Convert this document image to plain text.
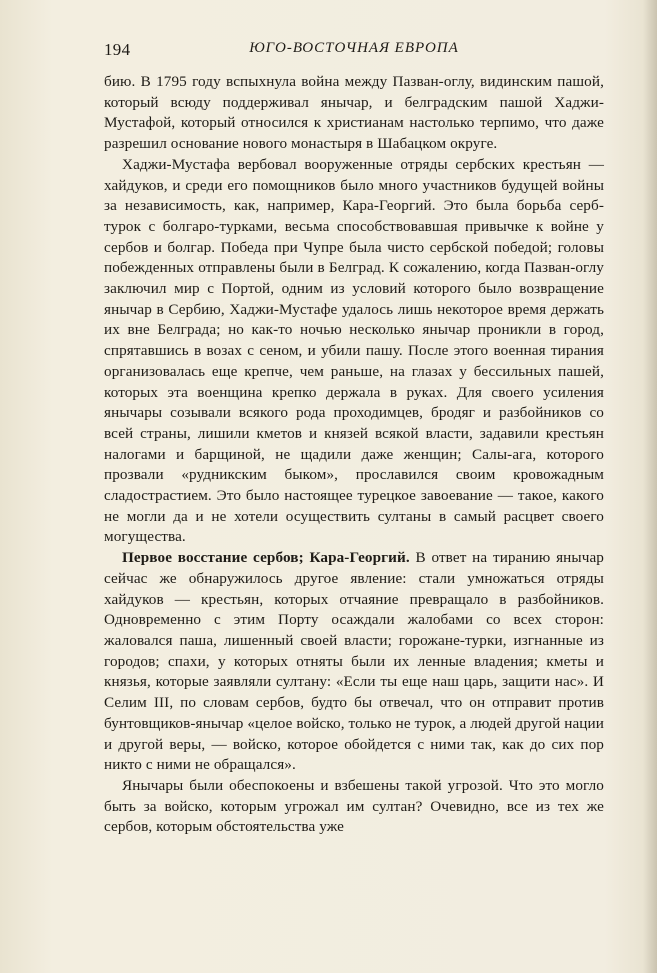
194	ЮГО-ВОСТОЧНАЯ ЕВРОПА

бию. В 1795 году вспыхнула война между Пазван-оглу, видинским пашой, который всюду поддерживал янычар, и белградским пашой Хаджи-Мустафой, который относился к христианам настолько терпимо, что даже разрешил основание нового монастыря в Шабацком округе.

Хаджи-Мустафа вербовал вооруженные отряды сербских крестьян — хайдуков, и среди его помощников было много участников будущей войны за независимость, как, например, Кара-Георгий. Это была борьба серб-турок с болгаро-турками, весьма способствовавшая привычке к войне у сербов и болгар. Победа при Чупре была чисто сербской победой; головы побежденных отправлены были в Белград. К сожалению, когда Пазван-оглу заключил мир с Портой, одним из условий которого было возвращение янычар в Сербию, Хаджи-Мустафе удалось лишь некоторое время держать их вне Белграда; но как-то ночью несколько янычар проникли в город, спрятавшись в возах с сеном, и убили пашу. После этого военная тирания организовалась еще крепче, чем раньше, на глазах у бессильных пашей, которых эта военщина крепко держала в руках. Для своего усиления янычары созывали всякого рода проходимцев, бродяг и разбойников со всей страны, лишили кметов и князей всякой власти, задавили крестьян налогами и барщиной, не щадили даже женщин; Салы-ага, которого прозвали «рудникским быком», прославился своим кровожадным сладострастием. Это было настоящее турецкое завоевание — такое, какого не могли да и не хотели осуществить султаны в самый расцвет своего могущества.

Первое восстание сербов; Кара-Георгий. В ответ на тиранию янычар сейчас же обнаружилось другое явление: стали умножаться отряды хайдуков — крестьян, которых отчаяние превращало в разбойников. Одновременно с этим Порту осаждали жалобами со всех сторон: жаловался паша, лишенный своей власти; горожане-турки, изгнанные из городов; спахи, у которых отняты были их ленные владения; кметы и князья, которые заявляли султану: «Если ты еще наш царь, защити нас». И Селим III, по словам сербов, будто бы отвечал, что он отправит против бунтовщиков-янычар «целое войско, только не турок, а людей другой нации и другой веры, — войско, которое обойдется с ними так, как до сих пор никто с ними не обращался».

Янычары были обеспокоены и взбешены такой угрозой. Что это могло быть за войско, которым угрожал им султан? Очевидно, все из тех же сербов, которым обстоятельства уже
